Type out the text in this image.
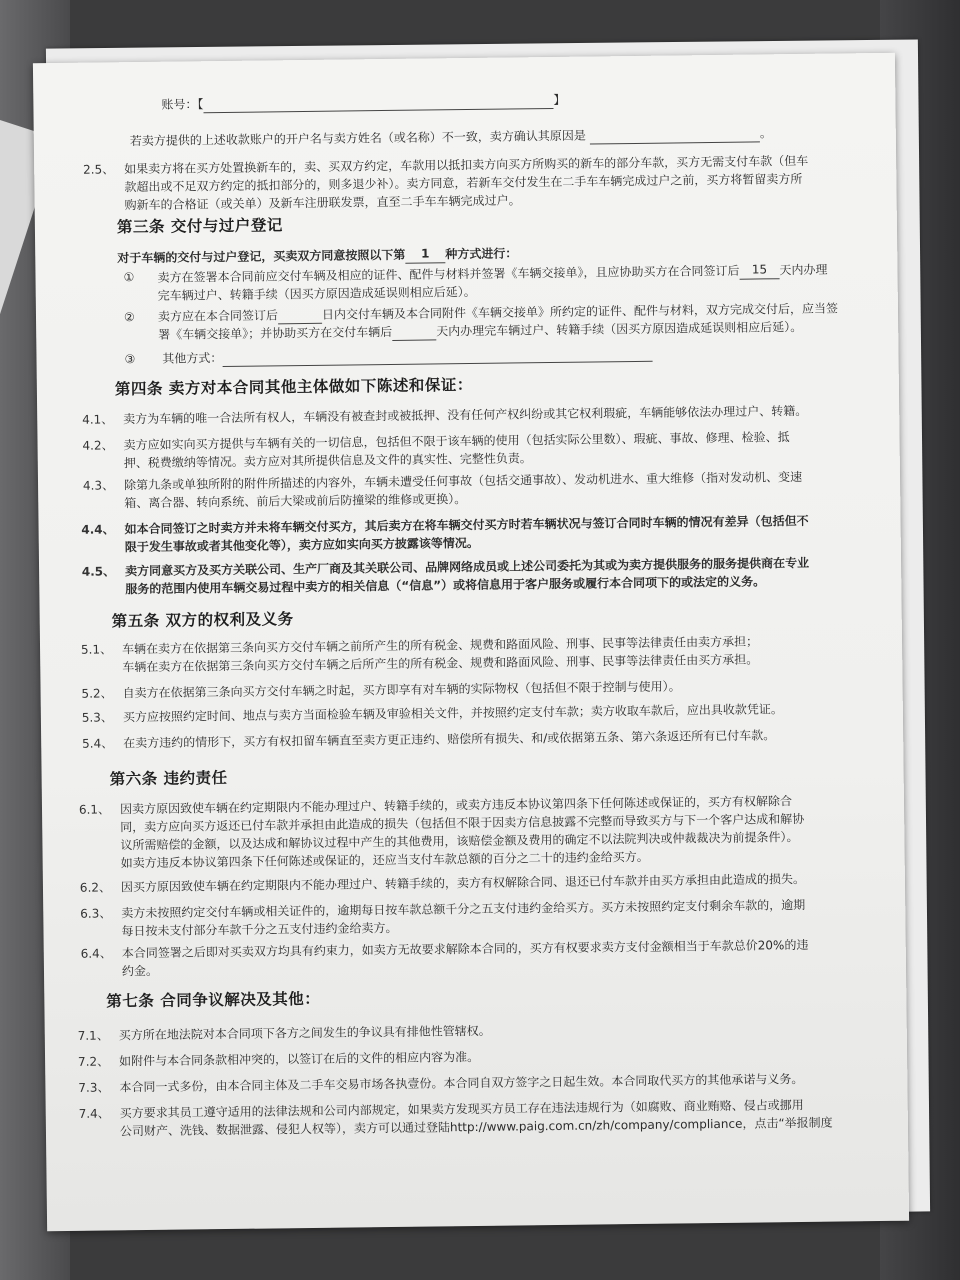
账号：【	】
若卖方提供的上述收款账户的开户名与卖方姓名（或名称）不一致，卖方确认其原因是	。
2.5、 如果卖方将在买方处置换新车的，卖、买双方约定，车款用以抵扣卖方向买方所购买的新车的部分车款，买方无需支付车款（但车
款超出或不足双方约定的抵扣部分的，则多退少补）。卖方同意，若新车交付发生在二手车车辆完成过户之前，买方将暂留卖方所
购新车的合格证（或关单）及新车注册联发票，直至二手车车辆完成过户。
第三条 交付与过户登记
对于车辆的交付与过户登记，买卖双方同意按照以下第 1 种方式进行：
①	卖方在签署本合同前应交付车辆及相应的证件、配件与材料并签署《车辆交接单》，且应协助买方在合同签订后 15 天内办理
完车辆过户、转籍手续（因买方原因造成延误则相应后延）。
②	卖方应在本合同签订后	日内交付车辆及本合同附件《车辆交接单》所约定的证件、配件与材料，双方完成交付后，应当签
署《车辆交接单》；并协助买方在交付车辆后	天内办理完车辆过户、转籍手续（因买方原因造成延误则相应后延）。
③ 其他方式：
第四条 卖方对本合同其他主体做如下陈述和保证：
4.1、 卖方为车辆的唯一合法所有权人，车辆没有被查封或被抵押、没有任何产权纠纷或其它权利瑕疵，车辆能够依法办理过户、转籍。
4.2、 卖方应如实向买方提供与车辆有关的一切信息，包括但不限于该车辆的使用（包括实际公里数）、瑕疵、事故、修理、检验、抵
押、税费缴纳等情况。卖方应对其所提供信息及文件的真实性、完整性负责。
4.3、 除第九条或单独所附的附件所描述的内容外，车辆未遭受任何事故（包括交通事故）、发动机进水、重大维修（指对发动机、变速
箱、离合器、转向系统、前后大梁或前后防撞梁的维修或更换）。
4.4、 如本合同签订之时卖方并未将车辆交付买方，其后卖方在将车辆交付买方时若车辆状况与签订合同时车辆的情况有差异（包括但不
限于发生事故或者其他变化等），卖方应如实向买方披露该等情况。
4.5、 卖方同意买方及买方关联公司、生产厂商及其关联公司、品牌网络成员或上述公司委托为其或为卖方提供服务的服务提供商在专业
服务的范围内使用车辆交易过程中卖方的相关信息（“信息”）或将信息用于客户服务或履行本合同项下的或法定的义务。
第五条 双方的权利及义务
5.1、 车辆在卖方在依据第三条向买方交付车辆之前所产生的所有税金、规费和路面风险、刑事、民事等法律责任由卖方承担；
车辆在卖方在依据第三条向买方交付车辆之后所产生的所有税金、规费和路面风险、刑事、民事等法律责任由买方承担。
5.2、 自卖方在依据第三条向买方交付车辆之时起，买方即享有对车辆的实际物权（包括但不限于控制与使用）。
5.3、 买方应按照约定时间、地点与卖方当面检验车辆及审验相关文件，并按照约定支付车款；卖方收取车款后，应出具收款凭证。
5.4、 在卖方违约的情形下，买方有权扣留车辆直至卖方更正违约、赔偿所有损失、和/或依据第五条、第六条返还所有已付车款。
第六条 违约责任
6.1、 因卖方原因致使车辆在约定期限内不能办理过户、转籍手续的，或卖方违反本协议第四条下任何陈述或保证的，买方有权解除合
同，卖方应向买方返还已付车款并承担由此造成的损失（包括但不限于因卖方信息披露不完整而导致买方与下一个客户达成和解协
议所需赔偿的金额，以及达成和解协议过程中产生的其他费用，该赔偿金额及费用的确定不以法院判决或仲裁裁决为前提条件）。
如卖方违反本协议第四条下任何陈述或保证的，还应当支付车款总额的百分之二十的违约金给买方。
6.2、 因买方原因致使车辆在约定期限内不能办理过户、转籍手续的，卖方有权解除合同、退还已付车款并由买方承担由此造成的损失。
6.3、 卖方未按照约定交付车辆或相关证件的，逾期每日按车款总额千分之五支付违约金给买方。买方未按照约定支付剩余车款的，逾期
每日按未支付部分车款千分之五支付违约金给卖方。
6.4、 本合同签署之后即对买卖双方均具有约束力，如卖方无故要求解除本合同的，买方有权要求卖方支付金额相当于车款总价20%的违
约金。
第七条 合同争议解决及其他：
7.1、 买方所在地法院对本合同项下各方之间发生的争议具有排他性管辖权。
7.2、 如附件与本合同条款相冲突的，以签订在后的文件的相应内容为准。
7.3、 本合同一式多份，由本合同主体及二手车交易市场各执壹份。本合同自双方签字之日起生效。本合同取代买方的其他承诺与义务。
7.4、 买方要求其员工遵守适用的法律法规和公司内部规定，如果卖方发现买方员工存在违法违规行为（如腐败、商业贿赂、侵占或挪用
公司财产、洗钱、数据泄露、侵犯人权等），卖方可以通过登陆http://www.paig.com.cn/zh/company/compliance，点击“举报制度
